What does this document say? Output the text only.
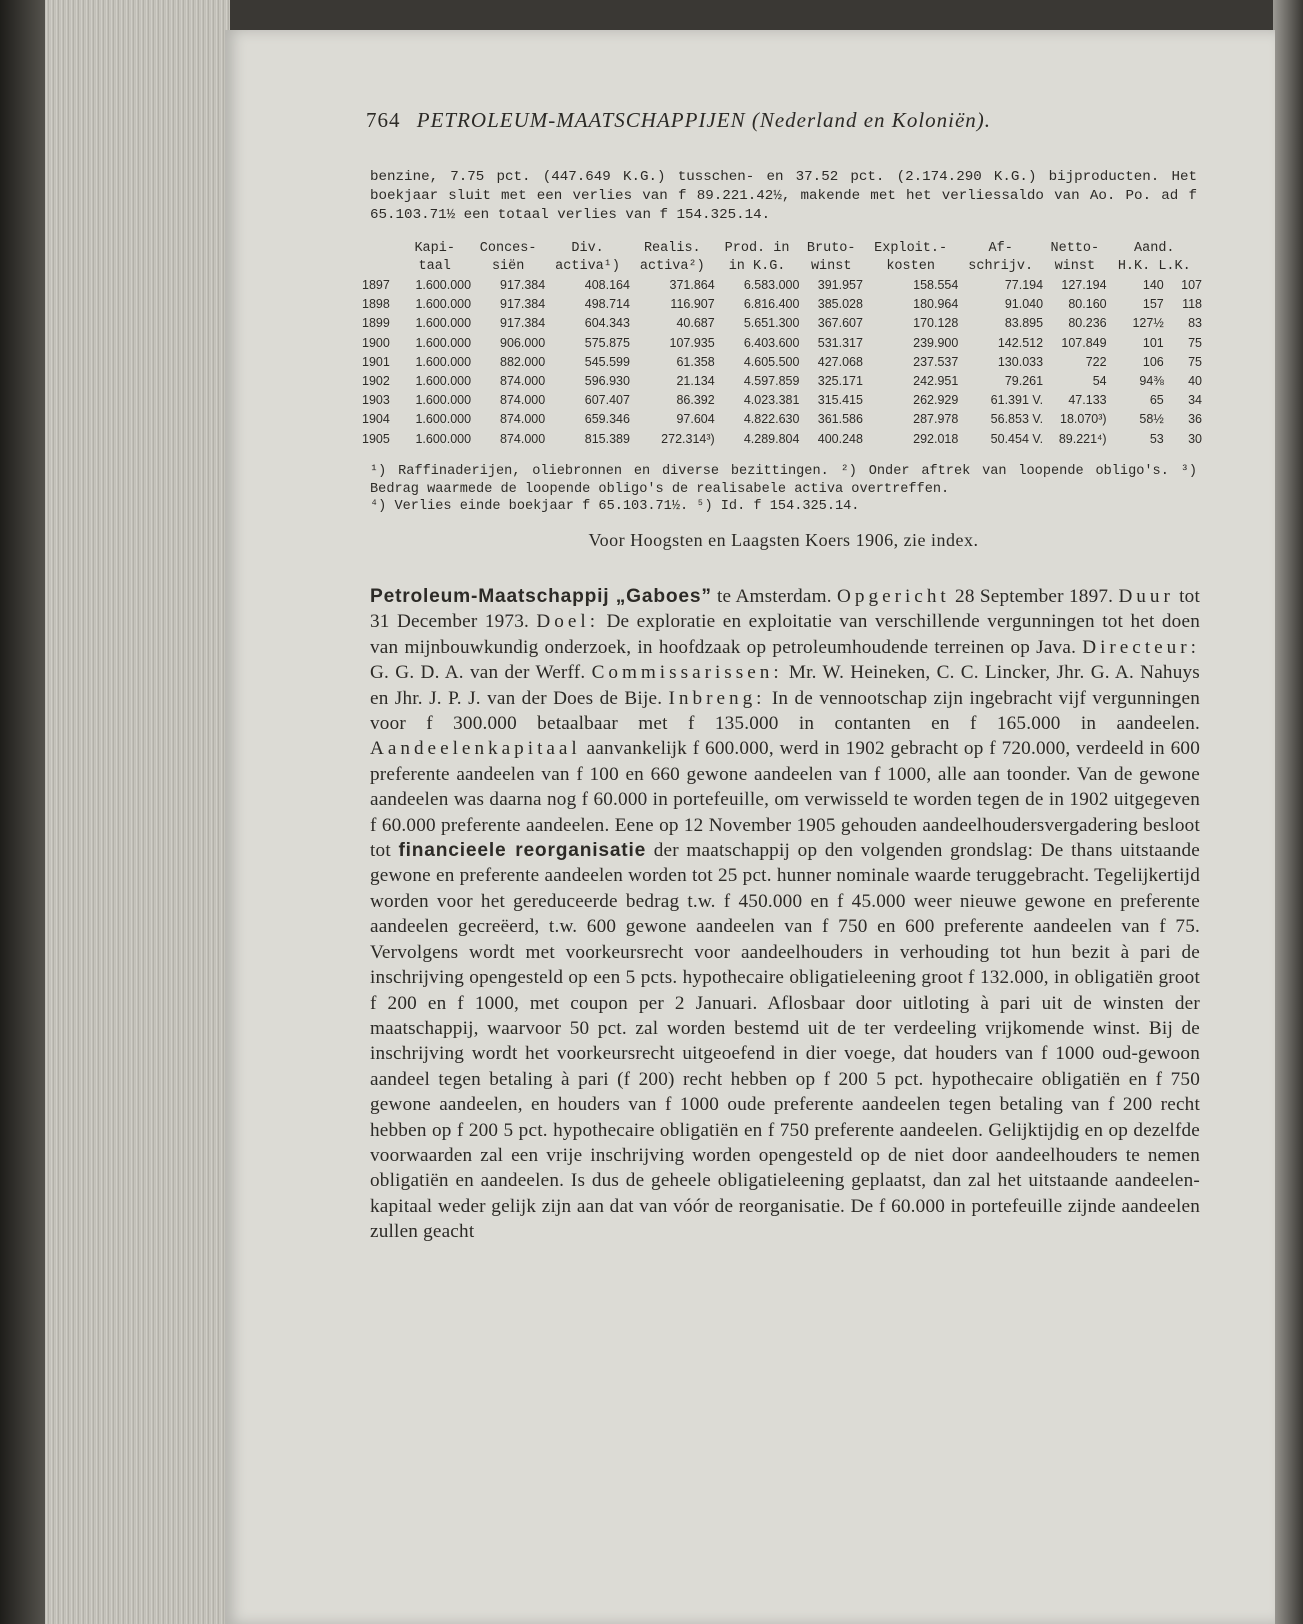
764 PETROLEUM-MAATSCHAPPIJEN (Nederland en Koloniën).

benzine, 7.75 pct. (447.649 K.G.) tusschen- en 37.52 pct. (2.174.290 K.G.) bijproducten. Het boekjaar sluit met een verlies van f 89.221.42½, makende met het verliessaldo van Ao. Po. ad f 65.103.71½ een totaal verlies van f 154.325.14.

	Kapi-	Conces-	Div.	Realis.	Prod. in	Bruto-	Exploit.-	Af-	Netto-	Aand.	
	taal	siën	activa¹)	activa²)	in K.G.	winst	kosten	schrijv.	winst	H.K. L.K.	
1897	1.600.000	917.384	408.164	371.864	6.583.000	391.957	158.554	77.194	127.194	140	107
1898	1.600.000	917.384	498.714	116.907	6.816.400	385.028	180.964	91.040	80.160	157	118
1899	1.600.000	917.384	604.343	40.687	5.651.300	367.607	170.128	83.895	80.236	127½	83
1900	1.600.000	906.000	575.875	107.935	6.403.600	531.317	239.900	142.512	107.849	101	75
1901	1.600.000	882.000	545.599	61.358	4.605.500	427.068	237.537	130.033	722	106	75
1902	1.600.000	874.000	596.930	21.134	4.597.859	325.171	242.951	79.261	54	94⅜	40
1903	1.600.000	874.000	607.407	86.392	4.023.381	315.415	262.929	61.391 V.	47.133	65	34
1904	1.600.000	874.000	659.346	97.604	4.822.630	361.586	287.978	56.853 V.	18.070³)	58½	36
1905	1.600.000	874.000	815.389	272.314³)	4.289.804	400.248	292.018	50.454 V.	89.221⁴)	53	30

¹) Raffinaderijen, oliebronnen en diverse bezittingen. ²) Onder aftrek van loopende obligo's. ³) Bedrag waarmede de loopende obligo's de realisabele activa overtreffen.

⁴) Verlies einde boekjaar f 65.103.71½. ⁵) Id. f 154.325.14.

Voor Hoogsten en Laagsten Koers 1906, zie index.

Petroleum-Maatschappij „Gaboes” te Amsterdam. Opgericht 28 September 1897. Duur tot 31 December 1973. Doel: De exploratie en exploitatie van verschillende vergunningen tot het doen van mijnbouwkundig onderzoek, in hoofdzaak op petroleumhoudende terreinen op Java. Directeur: G. G. D. A. van der Werff. Commissarissen: Mr. W. Heineken, C. C. Lincker, Jhr. G. A. Nahuys en Jhr. J. P. J. van der Does de Bije. Inbreng: In de vennootschap zijn ingebracht vijf vergunningen voor f 300.000 betaalbaar met f 135.000 in contanten en f 165.000 in aandeelen. Aandeelenkapitaal aanvankelijk f 600.000, werd in 1902 gebracht op f 720.000, verdeeld in 600 preferente aandeelen van f 100 en 660 gewone aandeelen van f 1000, alle aan toonder. Van de gewone aandeelen was daarna nog f 60.000 in portefeuille, om verwisseld te worden tegen de in 1902 uitgegeven f 60.000 preferente aandeelen. Eene op 12 November 1905 gehouden aandeelhoudersvergadering besloot tot financieele reorganisatie der maatschappij op den volgenden grondslag: De thans uitstaande gewone en preferente aandeelen worden tot 25 pct. hunner nominale waarde teruggebracht. Tegelijkertijd worden voor het gereduceerde bedrag t.w. f 450.000 en f 45.000 weer nieuwe gewone en preferente aandeelen gecreëerd, t.w. 600 gewone aandeelen van f 750 en 600 preferente aandeelen van f 75. Vervolgens wordt met voorkeursrecht voor aandeelhouders in verhouding tot hun bezit à pari de inschrijving opengesteld op een 5 pcts. hypothecaire obligatieleening groot f 132.000, in obligatiën groot f 200 en f 1000, met coupon per 2 Januari. Aflosbaar door uitloting à pari uit de winsten der maatschappij, waarvoor 50 pct. zal worden bestemd uit de ter verdeeling vrijkomende winst. Bij de inschrijving wordt het voorkeursrecht uitgeoefend in dier voege, dat houders van f 1000 oud-gewoon aandeel tegen betaling à pari (f 200) recht hebben op f 200 5 pct. hypothecaire obligatiën en f 750 gewone aandeelen, en houders van f 1000 oude preferente aandeelen tegen betaling van f 200 recht hebben op f 200 5 pct. hypothecaire obligatiën en f 750 preferente aandeelen. Gelijktijdig en op dezelfde voorwaarden zal een vrije inschrijving worden opengesteld op de niet door aandeelhouders te nemen obligatiën en aandeelen. Is dus de geheele obligatieleening geplaatst, dan zal het uitstaande aandeelen-kapitaal weder gelijk zijn aan dat van vóór de reorganisatie. De f 60.000 in portefeuille zijnde aandeelen zullen geacht
